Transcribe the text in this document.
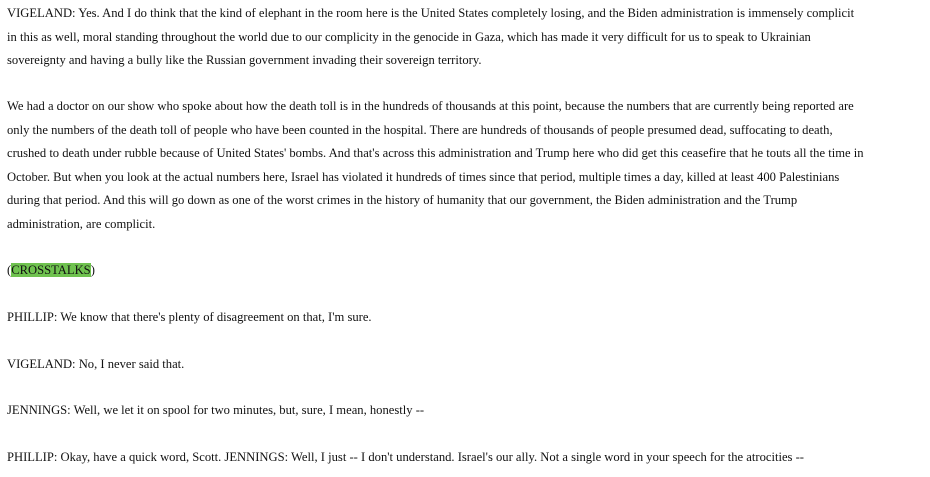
VIGELAND: Yes. And I do think that the kind of elephant in the room here is the United States completely losing, and the Biden administration is immensely complicit
in this as well, moral standing throughout the world due to our complicity in the genocide in Gaza, which has made it very difficult for us to speak to Ukrainian
sovereignty and having a bully like the Russian government invading their sovereign territory.

We had a doctor on our show who spoke about how the death toll is in the hundreds of thousands at this point, because the numbers that are currently being reported are
only the numbers of the death toll of people who have been counted in the hospital. There are hundreds of thousands of people presumed dead, suffocating to death,
crushed to death under rubble because of United States' bombs. And that's across this administration and Trump here who did get this ceasefire that he touts all the time in
October. But when you look at the actual numbers here, Israel has violated it hundreds of times since that period, multiple times a day, killed at least 400 Palestinians
during that period. And this will go down as one of the worst crimes in the history of humanity that our government, the Biden administration and the Trump
administration, are complicit.

(CROSSTALKS)

PHILLIP: We know that there's plenty of disagreement on that, I'm sure.

VIGELAND: No, I never said that.

JENNINGS: Well, we let it on spool for two minutes, but, sure, I mean, honestly --

PHILLIP: Okay, have a quick word, Scott. JENNINGS: Well, I just -- I don't understand. Israel's our ally. Not a single word in your speech for the atrocities --
